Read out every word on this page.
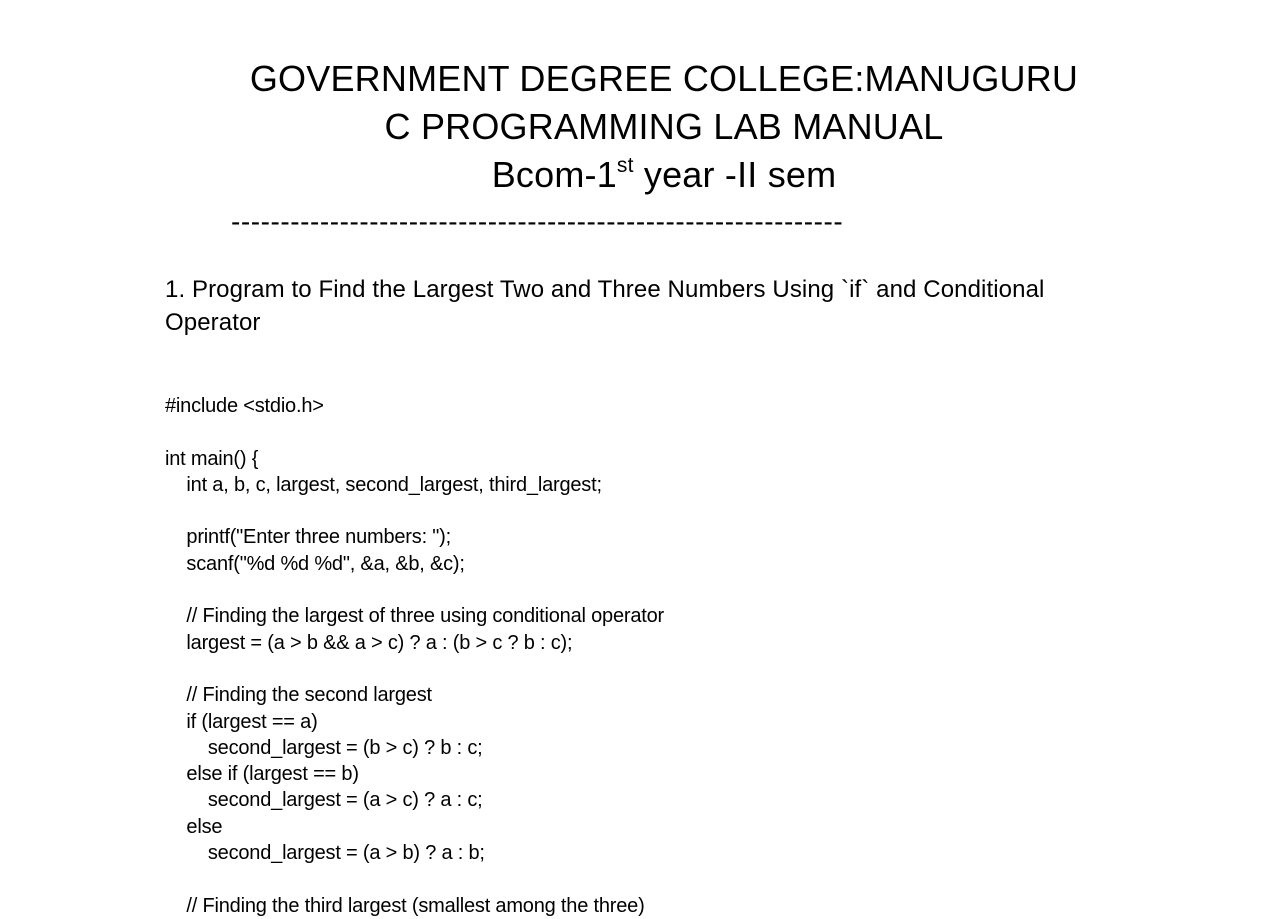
GOVERNMENT DEGREE COLLEGE:MANUGURU
C PROGRAMMING LAB MANUAL
Bcom-1st year -II sem
--------------------------------------------------------------
1. Program to Find the Largest Two and Three Numbers Using `if` and Conditional Operator
#include <stdio.h>
int main() {
int a, b, c, largest, second_largest, third_largest;
printf("Enter three numbers: ");
scanf("%d %d %d", &a, &b, &c);
// Finding the largest of three using conditional operator
largest = (a > b && a > c) ? a : (b > c ? b : c);
// Finding the second largest
if (largest == a)
second_largest = (b > c) ? b : c;
else if (largest == b)
second_largest = (a > c) ? a : c;
else
second_largest = (a > b) ? a : b;
// Finding the third largest (smallest among the three)
